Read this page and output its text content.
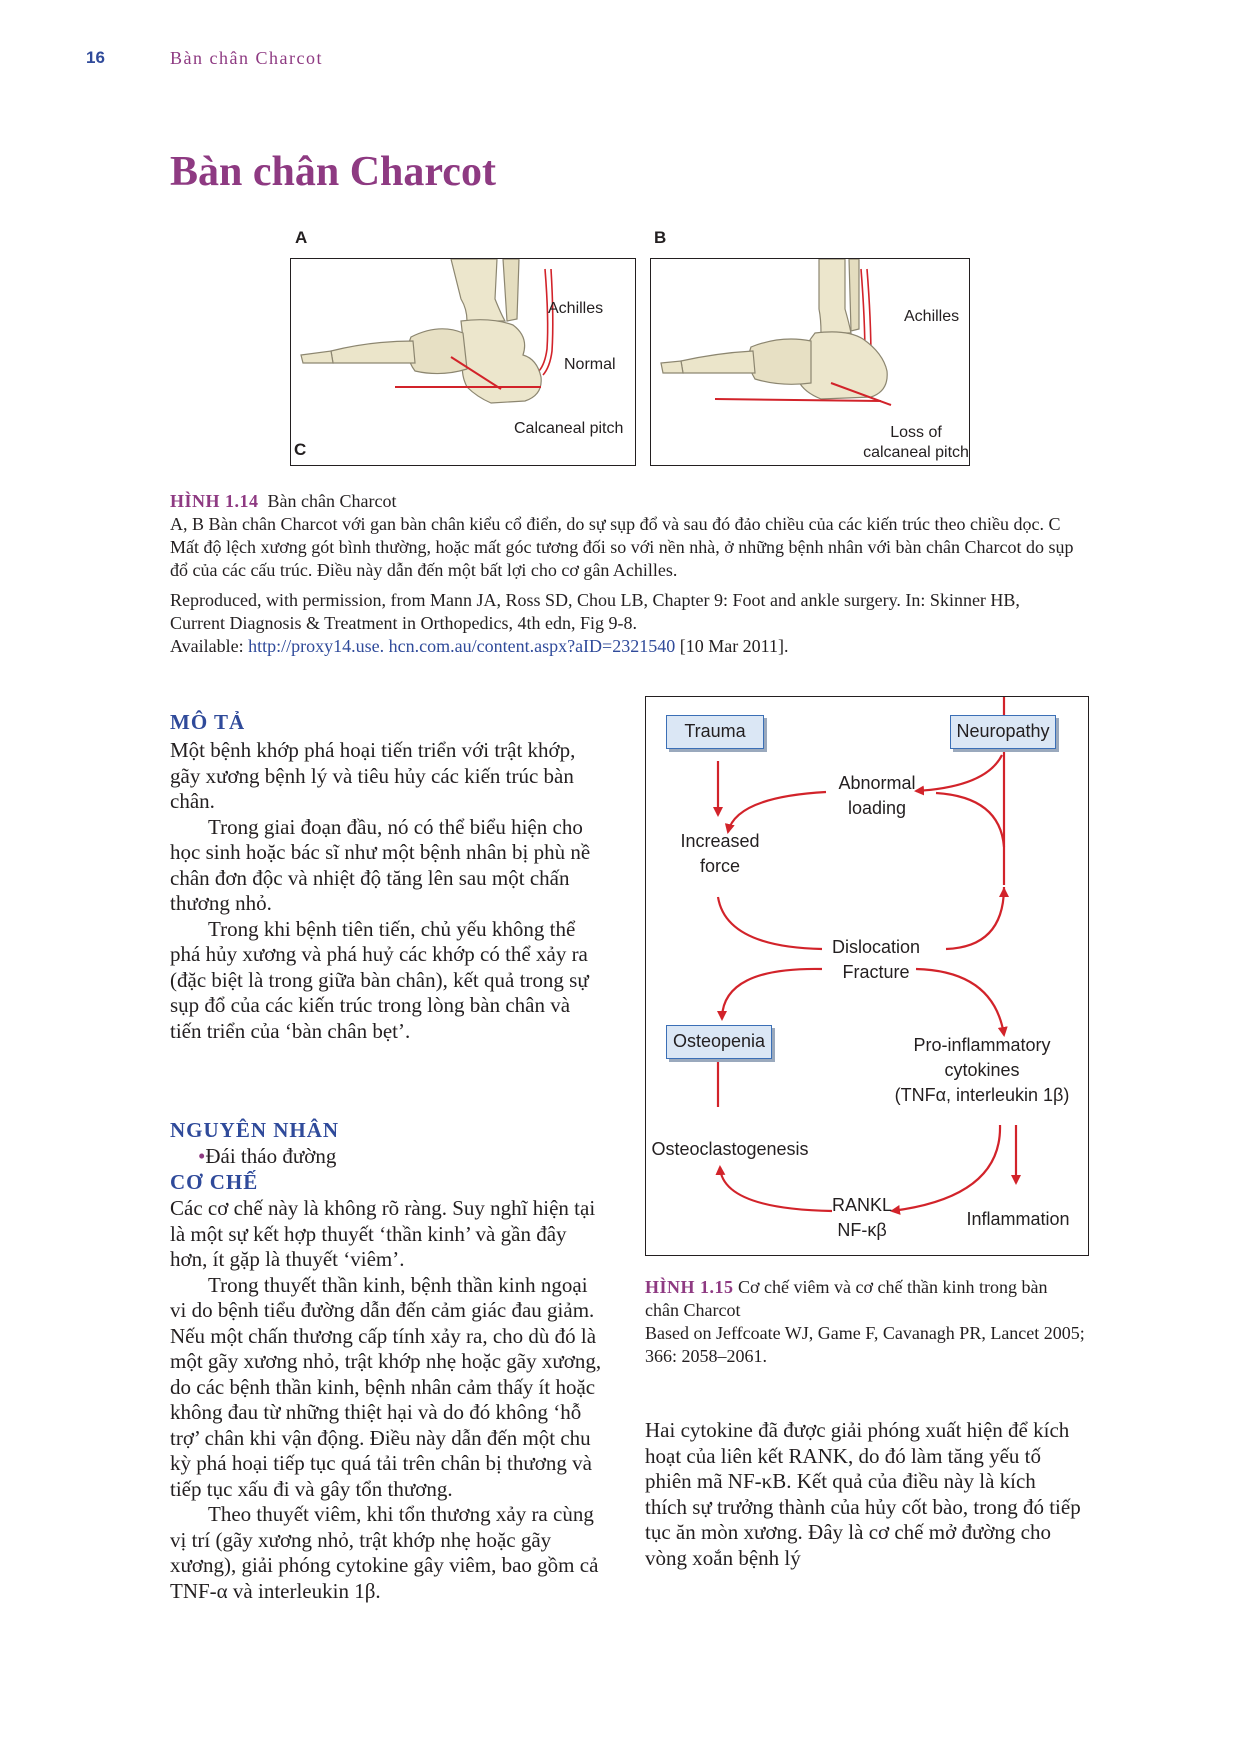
16	Bàn chân Charcot
Bàn chân Charcot
A	B
Achilles
Normal
Calcaneal pitch
C
Achilles
Loss of
calcaneal pitch
HÌNH 1.14 Bàn chân Charcot
A, B Bàn chân Charcot với gan bàn chân kiểu cổ điển, do sự sụp đổ và sau đó đảo chiều của các kiến trúc theo chiều dọc. C Mất độ lệch xương gót bình thường, hoặc mất góc tương đối so với nền nhà, ở những bệnh nhân với bàn chân Charcot do sụp đổ của các cấu trúc. Điều này dẫn đến một bất lợi cho cơ gân Achilles.
Reproduced, with permission, from Mann JA, Ross SD, Chou LB, Chapter 9: Foot and ankle surgery. In: Skinner HB, Current Diagnosis & Treatment in Orthopedics, 4th edn, Fig 9-8.
Available: http://proxy14.use. hcn.com.au/content.aspx?aID=2321540 [10 Mar 2011].
MÔ TẢ

Một bệnh khớp phá hoại tiến triển với trật khớp, gãy xương bệnh lý và tiêu hủy các kiến trúc bàn chân.

Trong giai đoạn đầu, nó có thể biểu hiện cho học sinh hoặc bác sĩ như một bệnh nhân bị phù nề chân đơn độc và nhiệt độ tăng lên sau một chấn thương nhỏ.

Trong khi bệnh tiên tiến, chủ yếu không thể phá hủy xương và phá huỷ các khớp có thể xảy ra (đặc biệt là trong giữa bàn chân), kết quả trong sự sụp đổ của các kiến trúc trong lòng bàn chân và tiến triển của ‘bàn chân bẹt’.

NGUYÊN NHÂN
•Đái tháo đường
CƠ CHẾ

Các cơ chế này là không rõ ràng. Suy nghĩ hiện tại là một sự kết hợp thuyết ‘thần kinh’ và gần đây hơn, ít gặp là thuyết ‘viêm’.

Trong thuyết thần kinh, bệnh thần kinh ngoại vi do bệnh tiểu đường dẫn đến cảm giác đau giảm. Nếu một chấn thương cấp tính xảy ra, cho dù đó là một gãy xương nhỏ, trật khớp nhẹ hoặc gãy xương, do các bệnh thần kinh, bệnh nhân cảm thấy ít hoặc không đau từ những thiệt hại và do đó không ‘hỗ trợ’ chân khi vận động. Điều này dẫn đến một chu kỳ phá hoại tiếp tục quá tải trên chân bị thương và tiếp tục xấu đi và gây tổn thương.

Theo thuyết viêm, khi tổn thương xảy ra cùng vị trí (gãy xương nhỏ, trật khớp nhẹ hoặc gãy xương), giải phóng cytokine gây viêm, bao gồm cả TNF-α và interleukin 1β.

Trauma	Neuropathy
Abnormal
loading
Increased
force
Dislocation
Fracture
Osteopenia	Pro-inflammatory
cytokines
(TNFα, interleukin 1β)
Osteoclastogenesis
RANKL
NF-κβ
Inflammation
HÌNH 1.15 Cơ chế viêm và cơ chế thần kinh trong bàn chân Charcot
Based on Jeffcoate WJ, Game F, Cavanagh PR, Lancet 2005; 366: 2058–2061.

Hai cytokine đã được giải phóng xuất hiện để kích hoạt của liên kết RANK, do đó làm tăng yếu tố phiên mã NF-κB. Kết quả của điều này là kích thích sự trưởng thành của hủy cốt bào, trong đó tiếp tục ăn mòn xương. Đây là cơ chế mở đường cho vòng xoắn bệnh lý
